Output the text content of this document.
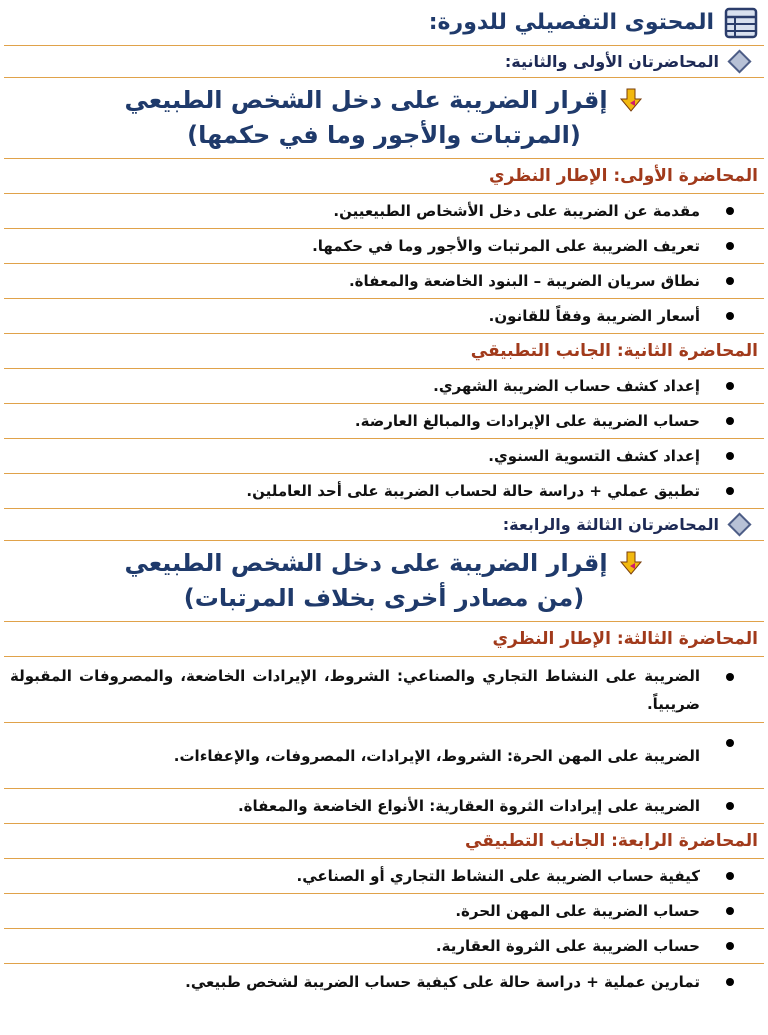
المحتوى التفصيلي للدورة:
المحاضرتان الأولى والثانية:
إقرار الضريبة على دخل الشخص الطبيعي
(المرتبات والأجور وما في حكمها)
المحاضرة الأولى: الإطار النظري
مقدمة عن الضريبة على دخل الأشخاص الطبيعيين.
تعريف الضريبة على المرتبات والأجور وما في حكمها.
نطاق سريان الضريبة – البنود الخاضعة والمعفاة.
أسعار الضريبة وفقاً للقانون.
المحاضرة الثانية: الجانب التطبيقي
إعداد كشف حساب الضريبة الشهري.
حساب الضريبة على الإيرادات والمبالغ العارضة.
إعداد كشف التسوية السنوي.
تطبيق عملي + دراسة حالة لحساب الضريبة على أحد العاملين.
المحاضرتان الثالثة والرابعة:
إقرار الضريبة على دخل الشخص الطبيعي
(من مصادر أخرى بخلاف المرتبات)
المحاضرة الثالثة: الإطار النظري
الضريبة على النشاط التجاري والصناعي: الشروط، الإيرادات الخاضعة، والمصروفات المقبولة ضريبياً.
الضريبة على المهن الحرة: الشروط، الإيرادات، المصروفات، والإعفاءات.
الضريبة على إيرادات الثروة العقارية: الأنواع الخاضعة والمعفاة.
المحاضرة الرابعة: الجانب التطبيقي
كيفية حساب الضريبة على النشاط التجاري أو الصناعي.
حساب الضريبة على المهن الحرة.
حساب الضريبة على الثروة العقارية.
تمارين عملية + دراسة حالة على كيفية حساب الضريبة لشخص طبيعي.
